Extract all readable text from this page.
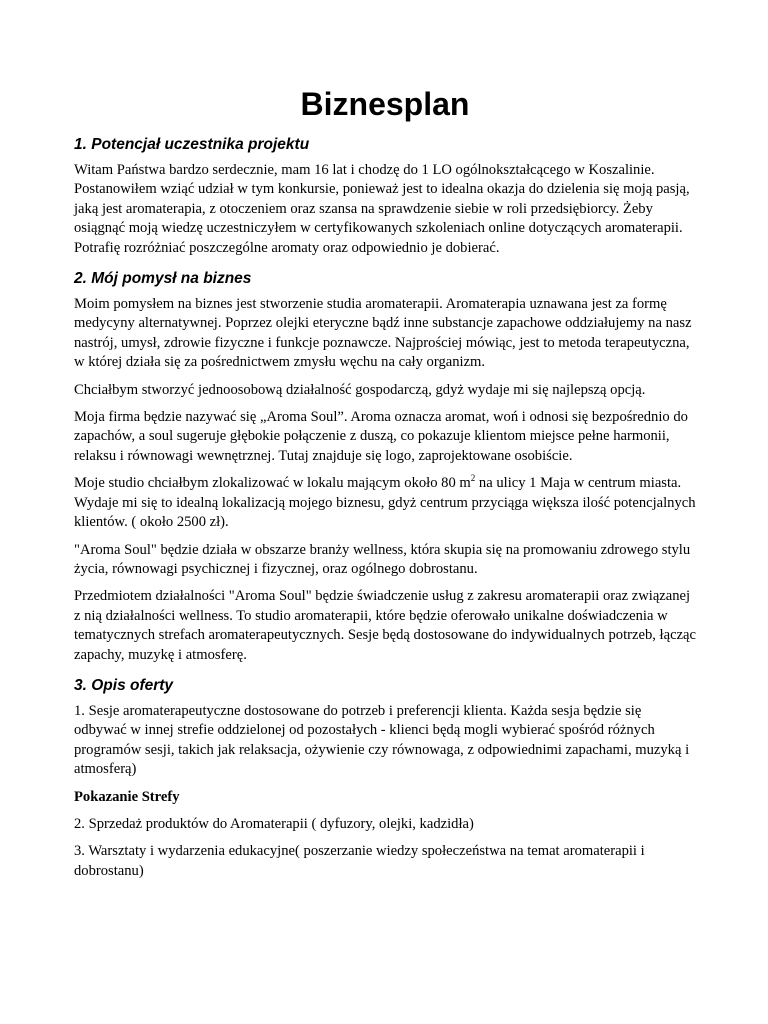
Biznesplan
1. Potencjał uczestnika projektu

Witam Państwa bardzo serdecznie, mam 16 lat i chodzę do 1 LO ogólnokształcącego w Koszalinie. Postanowiłem wziąć udział w tym konkursie, ponieważ jest to idealna okazja do dzielenia się moją pasją, jaką jest aromaterapia, z otoczeniem oraz szansa na sprawdzenie siebie w roli przedsiębiorcy. Żeby osiągnąć moją wiedzę uczestniczyłem w certyfikowanych szkoleniach online dotyczących aromaterapii. Potrafię rozróżniać poszczególne aromaty oraz odpowiednio je dobierać.

2. Mój pomysł na biznes

Moim pomysłem na biznes jest stworzenie studia aromaterapii. Aromaterapia uznawana jest za formę medycyny alternatywnej. Poprzez olejki eteryczne bądź inne substancje zapachowe oddziałujemy na nasz nastrój, umysł, zdrowie fizyczne i funkcje poznawcze. Najprościej mówiąc, jest to metoda terapeutyczna, w której działa się za pośrednictwem zmysłu węchu na cały organizm.

Chciałbym stworzyć jednoosobową działalność gospodarczą, gdyż wydaje mi się najlepszą opcją.

Moja firma będzie nazywać się „Aroma Soul”. Aroma oznacza aromat, woń i odnosi się bezpośrednio do zapachów, a soul sugeruje głębokie połączenie z duszą, co pokazuje klientom miejsce pełne harmonii, relaksu i równowagi wewnętrznej. Tutaj znajduje się logo, zaprojektowane osobiście.

Moje studio chciałbym zlokalizować w lokalu mającym około 80 $m^2$ na ulicy 1 Maja w centrum miasta. Wydaje mi się to idealną lokalizacją mojego biznesu, gdyż centrum przyciąga większa ilość potencjalnych klientów. ( około 2500 zł).

"Aroma Soul" będzie działa w obszarze branży wellness, która skupia się na promowaniu zdrowego stylu życia, równowagi psychicznej i fizycznej, oraz ogólnego dobrostanu.

Przedmiotem działalności "Aroma Soul" będzie świadczenie usług z zakresu aromaterapii oraz związanej z nią działalności wellness. To studio aromaterapii, które będzie oferowało unikalne doświadczenia w tematycznych strefach aromaterapeutycznych. Sesje będą dostosowane do indywidualnych potrzeb, łącząc zapachy, muzykę i atmosferę.

3. Opis oferty

1. Sesje aromaterapeutyczne dostosowane do potrzeb i preferencji klienta. Każda sesja będzie się odbywać w innej strefie oddzielonej od pozostałych - klienci będą mogli wybierać spośród różnych programów sesji, takich jak relaksacja, ożywienie czy równowaga, z odpowiednimi zapachami, muzyką i atmosferą)

Pokazanie Strefy

2. Sprzedaż produktów do Aromaterapii ( dyfuzory, olejki, kadzidła)

3. Warsztaty i wydarzenia edukacyjne( poszerzanie wiedzy społeczeństwa na temat aromaterapii i dobrostanu)
